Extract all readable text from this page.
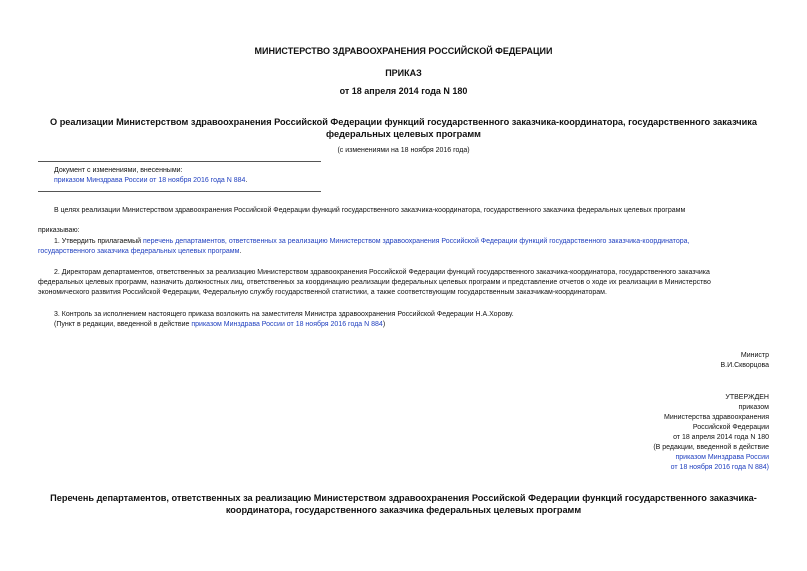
МИНИСТЕРСТВО ЗДРАВООХРАНЕНИЯ РОССИЙСКОЙ ФЕДЕРАЦИИ
ПРИКАЗ
от 18 апреля 2014 года N 180
О реализации Министерством здравоохранения Российской Федерации функций государственного заказчика-координатора, государственного заказчика
федеральных целевых программ
(с изменениями на 18 ноября 2016 года)
Документ с изменениями, внесенными:
приказом Минздрава России от 18 ноября 2016 года N 884.
В целях реализации Министерством здравоохранения Российской Федерации функций государственного заказчика-координатора, государственного заказчика федеральных целевых программ
приказываю:
1. Утвердить прилагаемый перечень департаментов, ответственных за реализацию Министерством здравоохранения Российской Федерации функций государственного заказчика-координатора,
государственного заказчика федеральных целевых программ.
2. Директорам департаментов, ответственных за реализацию Министерством здравоохранения Российской Федерации функций государственного заказчика-координатора, государственного заказчика
федеральных целевых программ, назначить должностных лиц, ответственных за координацию реализации федеральных целевых программ и представление отчетов о ходе их реализации в Министерство
экономического развития Российской Федерации, Федеральную службу государственной статистики, а также соответствующим государственным заказчикам-координаторам.
3. Контроль за исполнением настоящего приказа возложить на заместителя Министра здравоохранения Российской Федерации Н.А.Хорову.
(Пункт в редакции, введенной в действие приказом Минздрава России от 18 ноября 2016 года N 884)
Министр
В.И.Скворцова
УТВЕРЖДЕН
приказом
Министерства здравоохранения
Российской Федерации
от 18 апреля 2014 года N 180
(В редакции, введенной в действие
приказом Минздрава России
от 18 ноября 2016 года N 884)
Перечень департаментов, ответственных за реализацию Министерством здравоохранения Российской Федерации функций государственного заказчика-
координатора, государственного заказчика федеральных целевых программ
